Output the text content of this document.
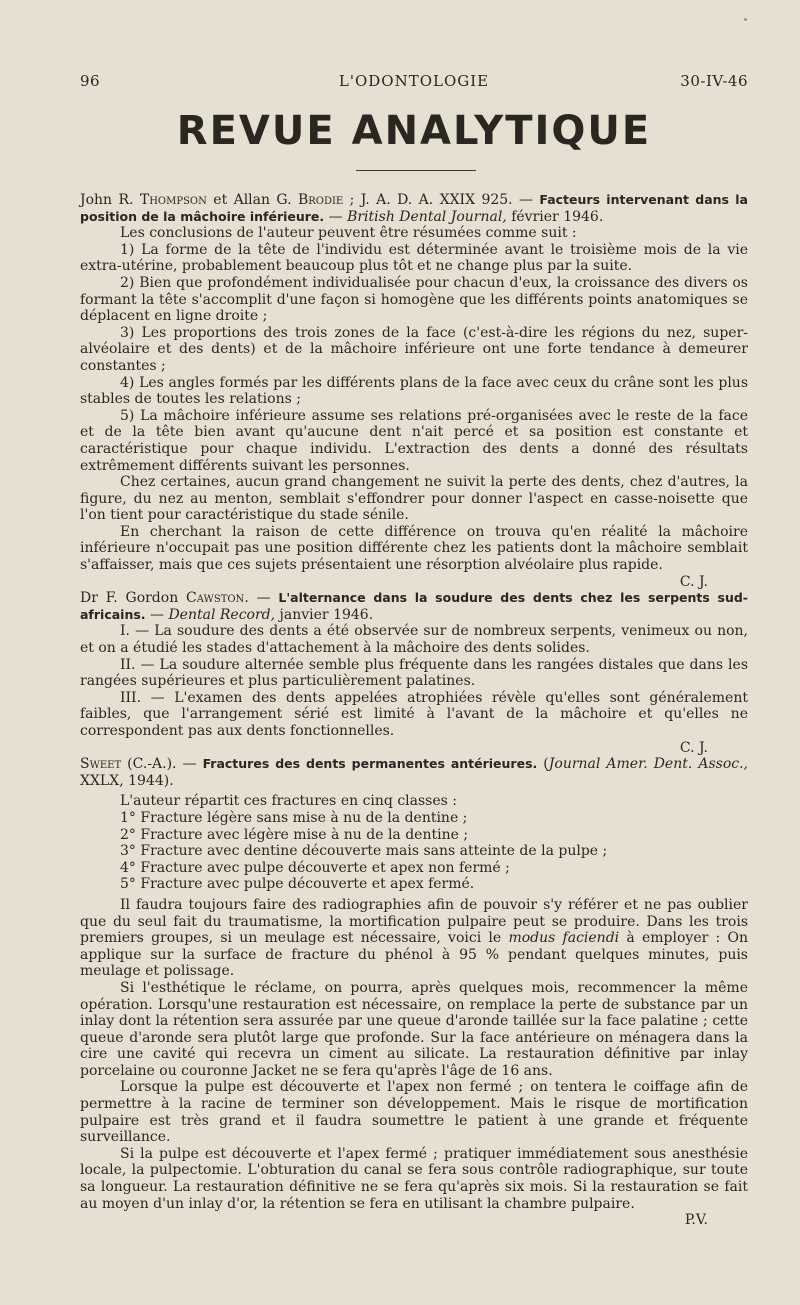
96	L'ODONTOLOGIE	30-IV-46
REVUE ANALYTIQUE

John R. Thompson et Allan G. Brodie ; J. A. D. A. XXIX 925. — Facteurs intervenant dans la position de la mâchoire inférieure. — British Dental Journal, février 1946.

Les conclusions de l'auteur peuvent être résumées comme suit :

1) La forme de la tête de l'individu est déterminée avant le troisième mois de la vie extra-utérine, probablement beaucoup plus tôt et ne change plus par la suite.

2) Bien que profondément individualisée pour chacun d'eux, la croissance des divers os formant la tête s'accomplit d'une façon si homogène que les différents points anatomiques se déplacent en ligne droite ;

3) Les proportions des trois zones de la face (c'est-à-dire les régions du nez, super-alvéolaire et des dents) et de la mâchoire inférieure ont une forte tendance à demeurer constantes ;

4) Les angles formés par les différents plans de la face avec ceux du crâne sont les plus stables de toutes les relations ;

5) La mâchoire inférieure assume ses relations pré-organisées avec le reste de la face et de la tête bien avant qu'aucune dent n'ait percé et sa position est constante et caractéristique pour chaque individu. L'extraction des dents a donné des résultats extrêmement différents suivant les personnes.

Chez certaines, aucun grand changement ne suivit la perte des dents, chez d'autres, la figure, du nez au menton, semblait s'effondrer pour donner l'aspect en casse-noisette que l'on tient pour caractéristique du stade sénile.

En cherchant la raison de cette différence on trouva qu'en réalité la mâchoire inférieure n'occupait pas une position différente chez les patients dont la mâchoire semblait s'affaisser, mais que ces sujets présentaient une résorption alvéolaire plus rapide.

C. J.

Dr F. Gordon Cawston. — L'alternance dans la soudure des dents chez les serpents sud-africains. — Dental Record, janvier 1946.

I. — La soudure des dents a été observée sur de nombreux serpents, venimeux ou non, et on a étudié les stades d'attachement à la mâchoire des dents solides.

II. — La soudure alternée semble plus fréquente dans les rangées distales que dans les rangées supérieures et plus particulièrement palatines.

III. — L'examen des dents appelées atrophiées révèle qu'elles sont généralement faibles, que l'arrangement sérié est limité à l'avant de la mâchoire et qu'elles ne correspondent pas aux dents fonctionnelles.

C. J.

Sweet (C.-A.). — Fractures des dents permanentes antérieures. (Journal Amer. Dent. Assoc., XXLX, 1944).

L'auteur répartit ces fractures en cinq classes :

1° Fracture légère sans mise à nu de la dentine ;

2° Fracture avec légère mise à nu de la dentine ;

3° Fracture avec dentine découverte mais sans atteinte de la pulpe ;

4° Fracture avec pulpe découverte et apex non fermé ;

5° Fracture avec pulpe découverte et apex fermé.

Il faudra toujours faire des radiographies afin de pouvoir s'y référer et ne pas oublier que du seul fait du traumatisme, la mortification pulpaire peut se produire. Dans les trois premiers groupes, si un meulage est nécessaire, voici le modus faciendi à employer : On applique sur la surface de fracture du phénol à 95 % pendant quelques minutes, puis meulage et polissage.

Si l'esthétique le réclame, on pourra, après quelques mois, recommencer la même opération. Lorsqu'une restauration est nécessaire, on remplace la perte de substance par un inlay dont la rétention sera assurée par une queue d'aronde taillée sur la face palatine ; cette queue d'aronde sera plutôt large que profonde. Sur la face antérieure on ménagera dans la cire une cavité qui recevra un ciment au silicate. La restauration définitive par inlay porcelaine ou couronne Jacket ne se fera qu'après l'âge de 16 ans.

Lorsque la pulpe est découverte et l'apex non fermé ; on tentera le coiffage afin de permettre à la racine de terminer son développement. Mais le risque de mortification pulpaire est très grand et il faudra soumettre le patient à une grande et fréquente surveillance.

Si la pulpe est découverte et l'apex fermé ; pratiquer immédiatement sous anesthésie locale, la pulpectomie. L'obturation du canal se fera sous contrôle radiographique, sur toute sa longueur. La restauration définitive ne se fera qu'après six mois. Si la restauration se fait au moyen d'un inlay d'or, la rétention se fera en utilisant la chambre pulpaire.

P.V.
